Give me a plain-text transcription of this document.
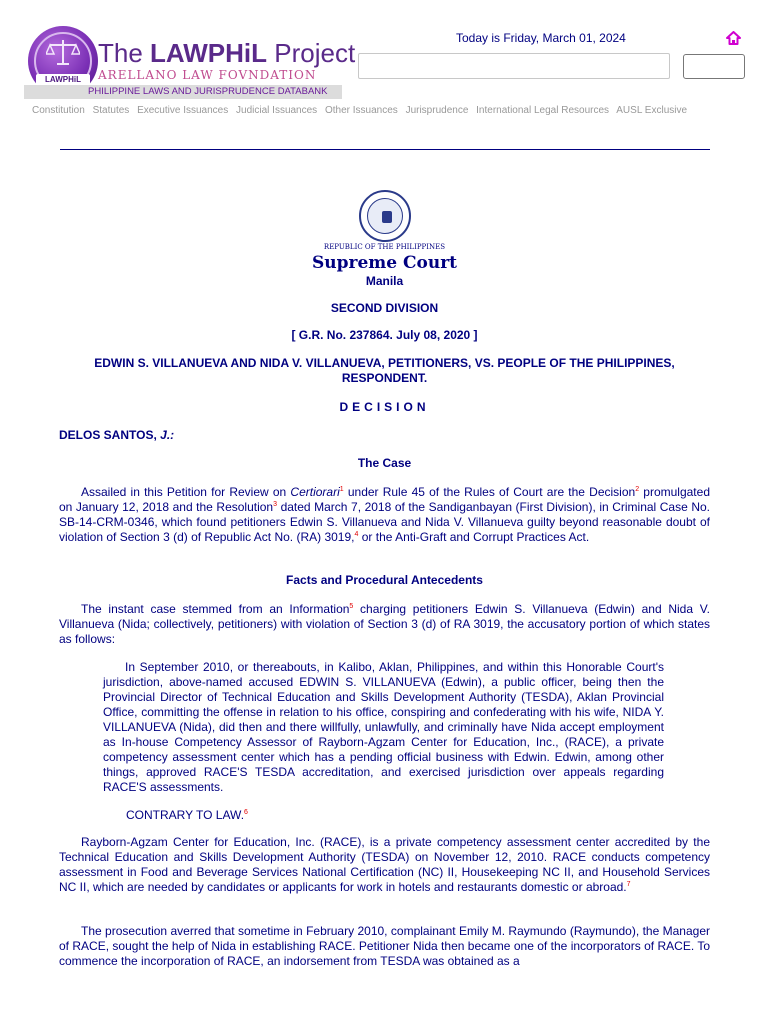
LAWPHiL
The LAWPHiL Project
ARELLANO LAW FOVNDATION
PHILIPPINE LAWS AND JURISPRUDENCE DATABANK
Today is Friday, March 01, 2024
Constitution Statutes Executive Issuances Judicial Issuances Other Issuances Jurisprudence International Legal Resources AUSL Exclusive
REPUBLIC OF THE PHILIPPINES
Supreme Court
Manila
SECOND DIVISION
[ G.R. No. 237864. July 08, 2020 ]
EDWIN S. VILLANUEVA AND NIDA V. VILLANUEVA, PETITIONERS, VS. PEOPLE OF THE PHILIPPINES, RESPONDENT.
DECISION
DELOS SANTOS, J.:
The Case
Assailed in this Petition for Review on Certiorari$^1$ under Rule 45 of the Rules of Court are the Decision$^2$ promulgated on January 12, 2018 and the Resolution$^3$ dated March 7, 2018 of the Sandiganbayan (First Division), in Criminal Case No. SB-14-CRM-0346, which found petitioners Edwin S. Villanueva and Nida V. Villanueva guilty beyond reasonable doubt of violation of Section 3 (d) of Republic Act No. (RA) 3019,$^4$ or the Anti-Graft and Corrupt Practices Act.
Facts and Procedural Antecedents
The instant case stemmed from an Information$^5$ charging petitioners Edwin S. Villanueva (Edwin) and Nida V. Villanueva (Nida; collectively, petitioners) with violation of Section 3 (d) of RA 3019, the accusatory portion of which states as follows:
In September 2010, or thereabouts, in Kalibo, Aklan, Philippines, and within this Honorable Court's jurisdiction, above-named accused EDWIN S. VILLANUEVA (Edwin), a public officer, being then the Provincial Director of Technical Education and Skills Development Authority (TESDA), Aklan Provincial Office, committing the offense in relation to his office, conspiring and confederating with his wife, NIDA Y. VILLANUEVA (Nida), did then and there willfully, unlawfully, and criminally have Nida accept employment as In-house Competency Assessor of Rayborn-Agzam Center for Education, Inc., (RACE), a private competency assessment center which has a pending official business with Edwin. Edwin, among other things, approved RACE'S TESDA accreditation, and exercised jurisdiction over appeals regarding RACE'S assessments.
CONTRARY TO LAW.$^6$
Rayborn-Agzam Center for Education, Inc. (RACE), is a private competency assessment center accredited by the Technical Education and Skills Development Authority (TESDA) on November 12, 2010. RACE conducts competency assessment in Food and Beverage Services National Certification (NC) II, Housekeeping NC II, and Household Services NC II, which are needed by candidates or applicants for work in hotels and restaurants domestic or abroad.$^7$
The prosecution averred that sometime in February 2010, complainant Emily M. Raymundo (Raymundo), the Manager of RACE, sought the help of Nida in establishing RACE. Petitioner Nida then became one of the incorporators of RACE. To commence the incorporation of RACE, an indorsement from TESDA was obtained as a
